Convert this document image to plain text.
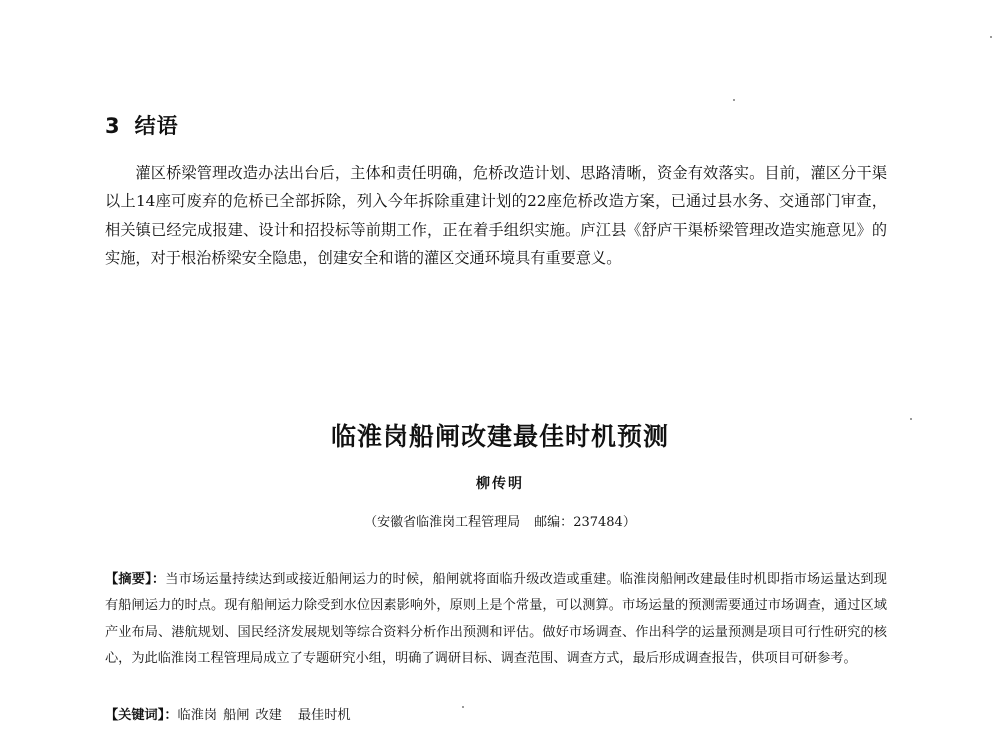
3 结语

灌区桥梁管理改造办法出台后，主体和责任明确，危桥改造计划、思路清晰，资金有效落实。目前，灌区分干渠以上14座可废弃的危桥已全部拆除，列入今年拆除重建计划的22座危桥改造方案，已通过县水务、交通部门审查，相关镇已经完成报建、设计和招投标等前期工作，正在着手组织实施。庐江县《舒庐干渠桥梁管理改造实施意见》的实施，对于根治桥梁安全隐患，创建安全和谐的灌区交通环境具有重要意义。

临淮岗船闸改建最佳时机预测
柳传明
（安徽省临淮岗工程管理局 邮编：237484）

【摘要】：当市场运量持续达到或接近船闸运力的时候，船闸就将面临升级改造或重建。临淮岗船闸改建最佳时机即指市场运量达到现有船闸运力的时点。现有船闸运力除受到水位因素影响外，原则上是个常量，可以测算。市场运量的预测需要通过市场调查，通过区域产业布局、港航规划、国民经济发展规划等综合资料分析作出预测和评估。做好市场调查、作出科学的运量预测是项目可行性研究的核心，为此临淮岗工程管理局成立了专题研究小组，明确了调研目标、调查范围、调查方式，最后形成调查报告，供项目可研参考。

【关键词】：临淮岗 船闸 改建 最佳时机
